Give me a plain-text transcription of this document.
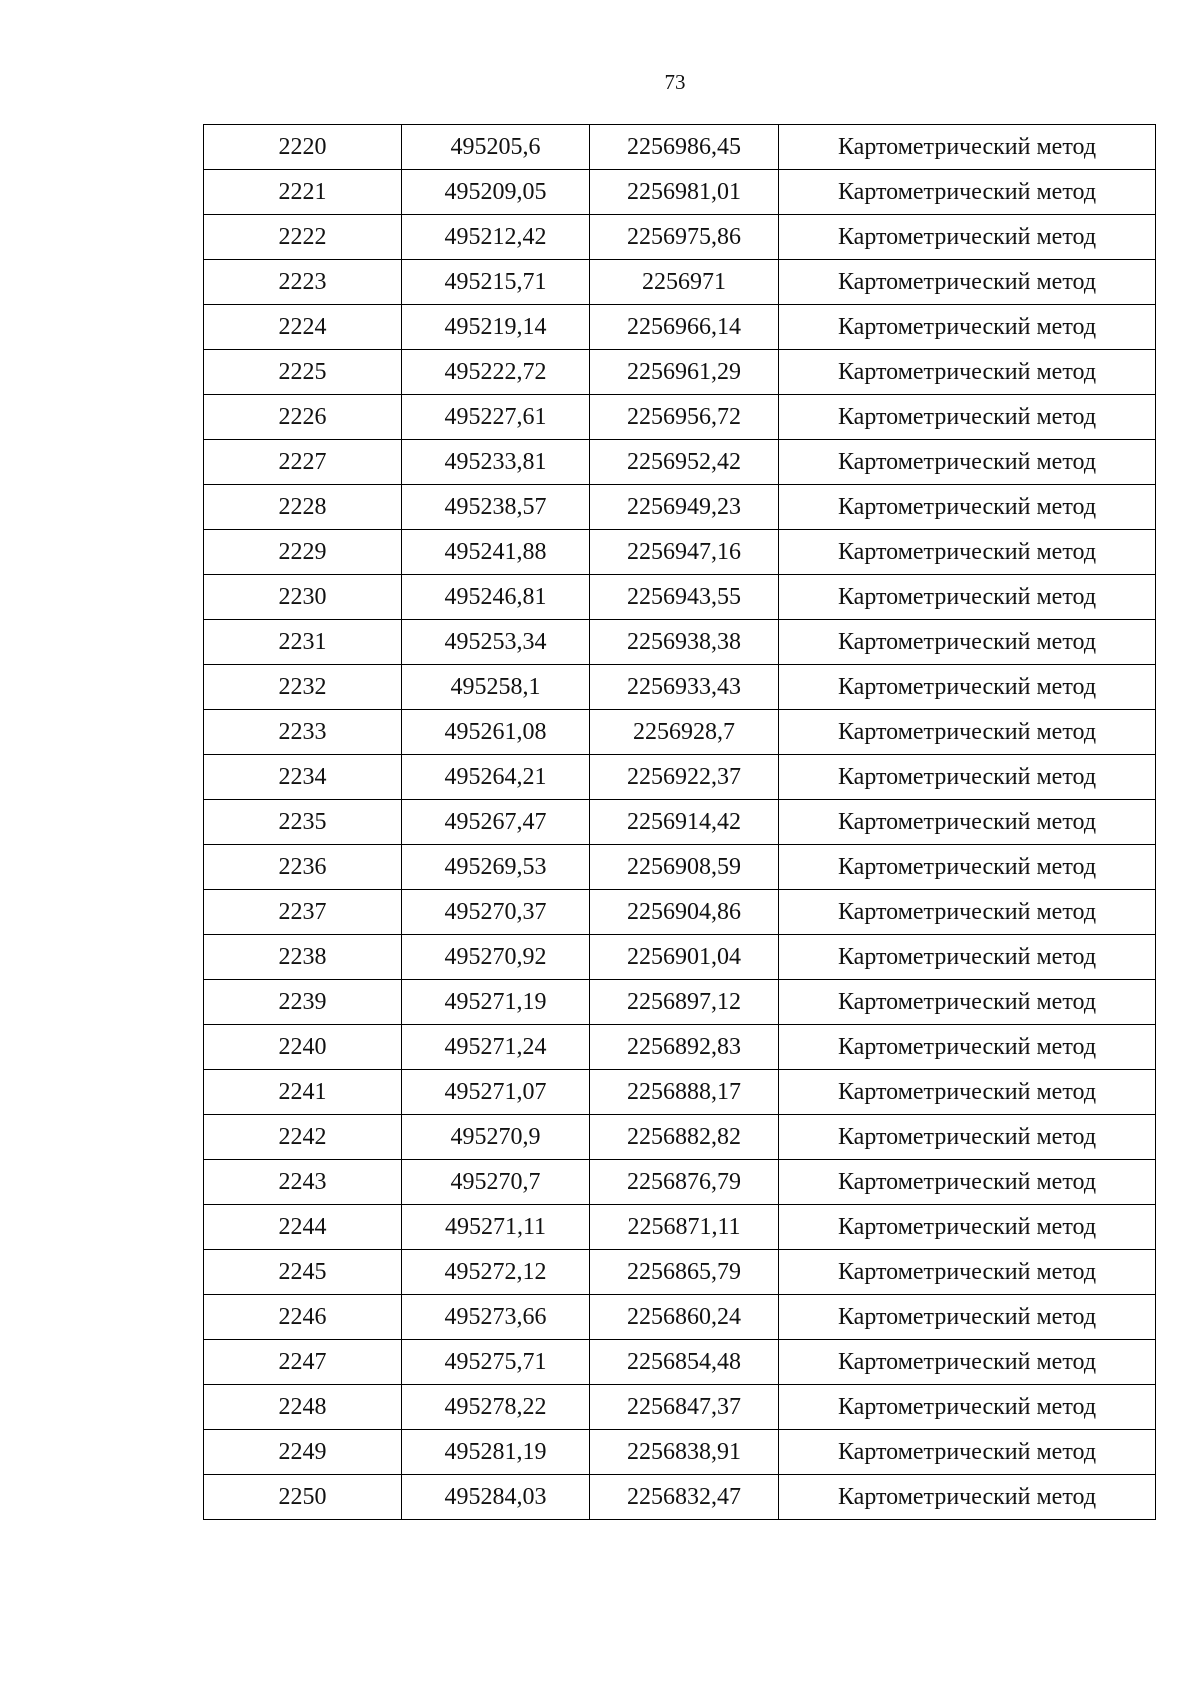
73
2220	495205,6	2256986,45	Картометрический метод
2221	495209,05	2256981,01	Картометрический метод
2222	495212,42	2256975,86	Картометрический метод
2223	495215,71	2256971	Картометрический метод
2224	495219,14	2256966,14	Картометрический метод
2225	495222,72	2256961,29	Картометрический метод
2226	495227,61	2256956,72	Картометрический метод
2227	495233,81	2256952,42	Картометрический метод
2228	495238,57	2256949,23	Картометрический метод
2229	495241,88	2256947,16	Картометрический метод
2230	495246,81	2256943,55	Картометрический метод
2231	495253,34	2256938,38	Картометрический метод
2232	495258,1	2256933,43	Картометрический метод
2233	495261,08	2256928,7	Картометрический метод
2234	495264,21	2256922,37	Картометрический метод
2235	495267,47	2256914,42	Картометрический метод
2236	495269,53	2256908,59	Картометрический метод
2237	495270,37	2256904,86	Картометрический метод
2238	495270,92	2256901,04	Картометрический метод
2239	495271,19	2256897,12	Картометрический метод
2240	495271,24	2256892,83	Картометрический метод
2241	495271,07	2256888,17	Картометрический метод
2242	495270,9	2256882,82	Картометрический метод
2243	495270,7	2256876,79	Картометрический метод
2244	495271,11	2256871,11	Картометрический метод
2245	495272,12	2256865,79	Картометрический метод
2246	495273,66	2256860,24	Картометрический метод
2247	495275,71	2256854,48	Картометрический метод
2248	495278,22	2256847,37	Картометрический метод
2249	495281,19	2256838,91	Картометрический метод
2250	495284,03	2256832,47	Картометрический метод
